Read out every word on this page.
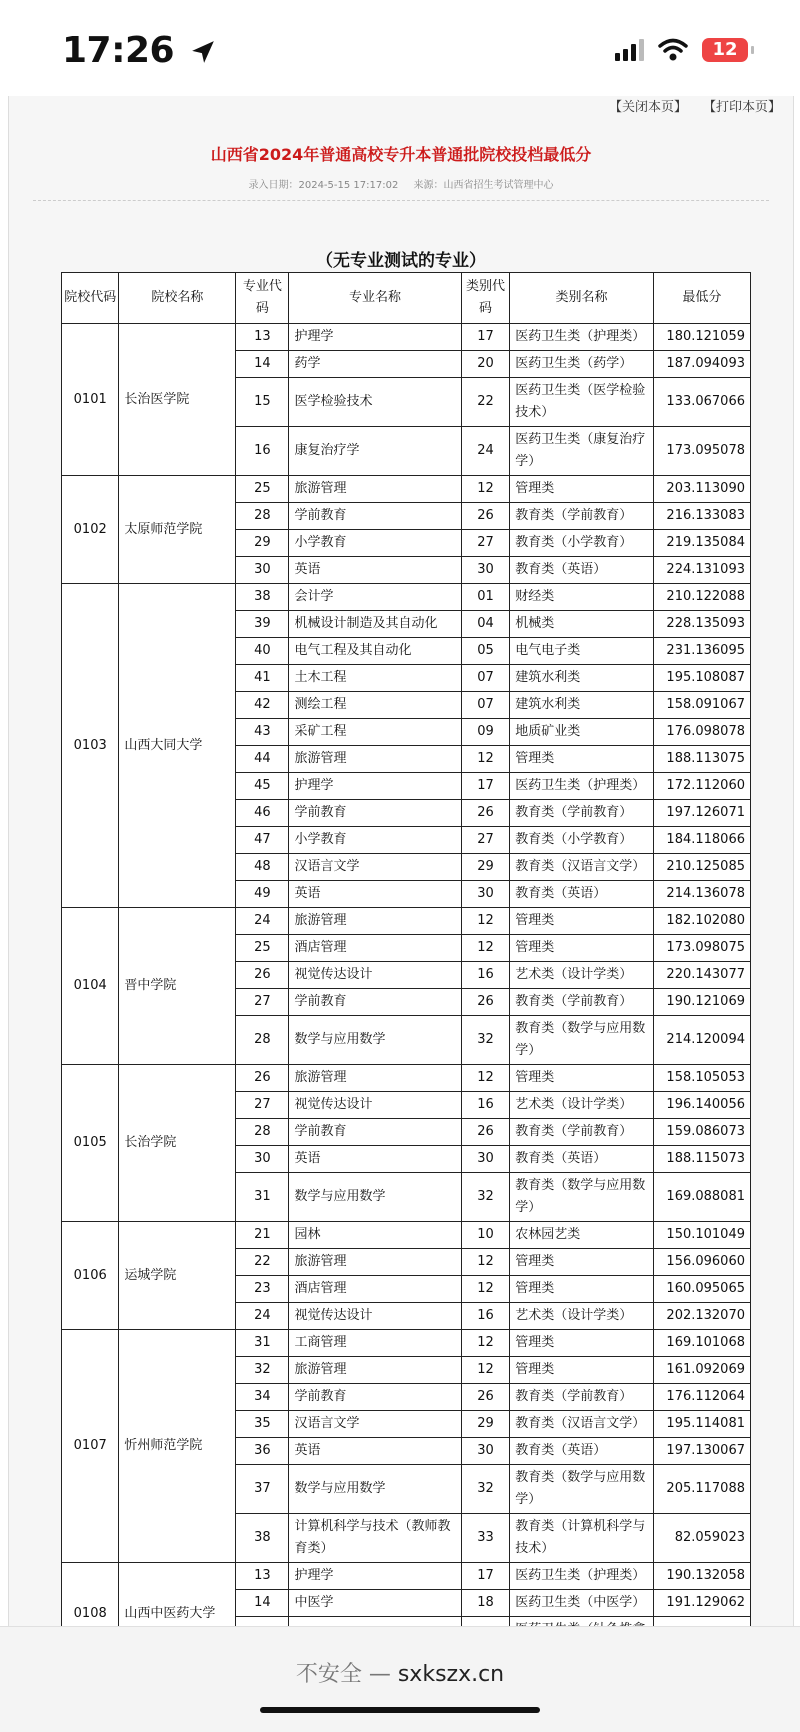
17:26	12
【关闭本页】 【打印本页】
山西省2024年普通高校专升本普通批院校投档最低分
录入日期：2024-5-15 17:17:02 来源：山西省招生考试管理中心
（无专业测试的专业）
院校代码	院校名称	专业代码	专业名称	类别代码	类别名称	最低分
0101	长治医学院	13	护理学	17	医药卫生类（护理类）	180.121059
		14	药学	20	医药卫生类（药学）	187.094093
		15	医学检验技术	22	医药卫生类（医学检验技术）	133.067066
		16	康复治疗学	24	医药卫生类（康复治疗学）	173.095078
0102	太原师范学院	25	旅游管理	12	管理类	203.113090
		28	学前教育	26	教育类（学前教育）	216.133083
		29	小学教育	27	教育类（小学教育）	219.135084
		30	英语	30	教育类（英语）	224.131093
0103	山西大同大学	38	会计学	01	财经类	210.122088
		39	机械设计制造及其自动化	04	机械类	228.135093
		40	电气工程及其自动化	05	电气电子类	231.136095
		41	土木工程	07	建筑水利类	195.108087
		42	测绘工程	07	建筑水利类	158.091067
		43	采矿工程	09	地质矿业类	176.098078
		44	旅游管理	12	管理类	188.113075
		45	护理学	17	医药卫生类（护理类）	172.112060
		46	学前教育	26	教育类（学前教育）	197.126071
		47	小学教育	27	教育类（小学教育）	184.118066
		48	汉语言文学	29	教育类（汉语言文学）	210.125085
		49	英语	30	教育类（英语）	214.136078
0104	晋中学院	24	旅游管理	12	管理类	182.102080
		25	酒店管理	12	管理类	173.098075
		26	视觉传达设计	16	艺术类（设计学类）	220.143077
		27	学前教育	26	教育类（学前教育）	190.121069
		28	数学与应用数学	32	教育类（数学与应用数学）	214.120094
0105	长治学院	26	旅游管理	12	管理类	158.105053
		27	视觉传达设计	16	艺术类（设计学类）	196.140056
		28	学前教育	26	教育类（学前教育）	159.086073
		30	英语	30	教育类（英语）	188.115073
		31	数学与应用数学	32	教育类（数学与应用数学）	169.088081
0106	运城学院	21	园林	10	农林园艺类	150.101049
		22	旅游管理	12	管理类	156.096060
		23	酒店管理	12	管理类	160.095065
		24	视觉传达设计	16	艺术类（设计学类）	202.132070
0107	忻州师范学院	31	工商管理	12	管理类	169.101068
		32	旅游管理	12	管理类	161.092069
		34	学前教育	26	教育类（学前教育）	176.112064
		35	汉语言文学	29	教育类（汉语言文学）	195.114081
		36	英语	30	教育类（英语）	197.130067
		37	数学与应用数学	32	教育类（数学与应用数学）	205.117088
		38	计算机科学与技术（教师教育类）	33	教育类（计算机科学与技术）	82.059023
0108	山西中医药大学	13	护理学	17	医药卫生类（护理类）	190.132058
		14	中医学	18	医药卫生类（中医学）	191.129062

不安全 — sxkszx.cn
